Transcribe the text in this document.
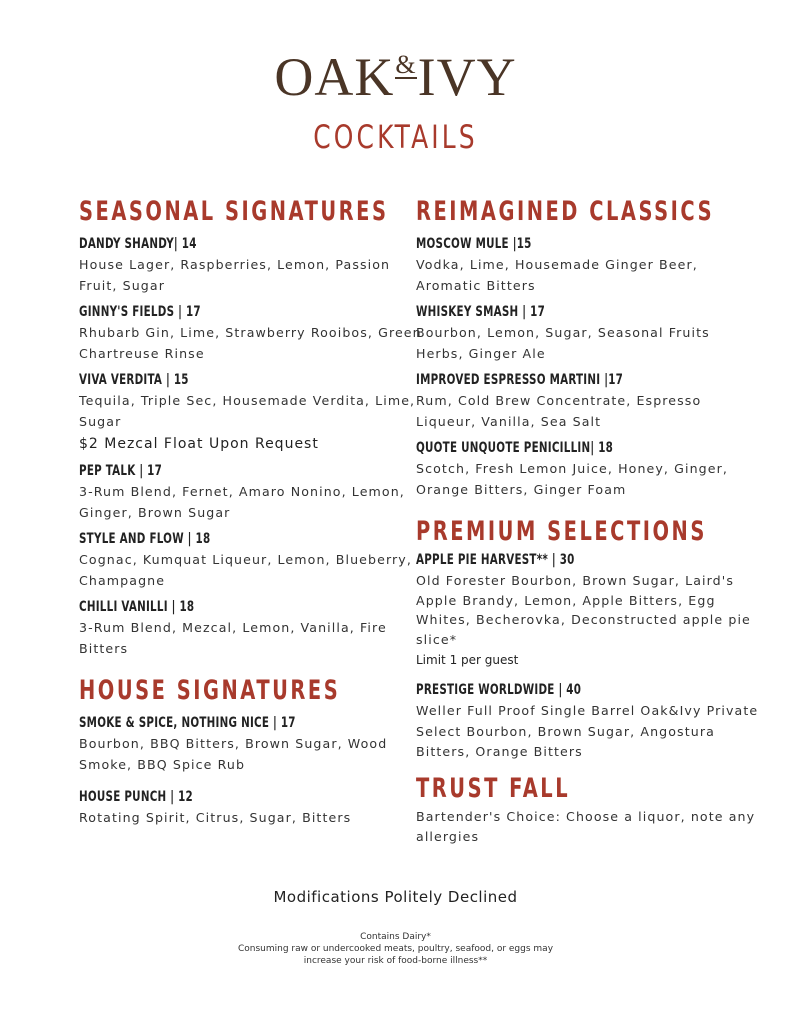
OAK&IVY
COCKTAILS
SEASONAL SIGNATURES
DANDY SHANDY| 14
House Lager, Raspberries, Lemon, Passion Fruit, Sugar
GINNY'S FIELDS | 17
Rhubarb Gin, Lime, Strawberry Rooibos, Green Chartreuse Rinse
VIVA VERDITA | 15
Tequila, Triple Sec, Housemade Verdita, Lime, Sugar
$2 Mezcal Float Upon Request
PEP TALK | 17
3-Rum Blend, Fernet, Amaro Nonino, Lemon, Ginger, Brown Sugar
STYLE AND FLOW | 18
Cognac, Kumquat Liqueur, Lemon, Blueberry, Champagne
CHILLI VANILLI | 18
3-Rum Blend, Mezcal, Lemon, Vanilla, Fire Bitters
HOUSE SIGNATURES
SMOKE & SPICE, NOTHING NICE | 17
Bourbon, BBQ Bitters, Brown Sugar, Wood Smoke, BBQ Spice Rub
HOUSE PUNCH | 12
Rotating Spirit, Citrus, Sugar, Bitters
REIMAGINED CLASSICS
MOSCOW MULE |15
Vodka, Lime, Housemade Ginger Beer, Aromatic Bitters
WHISKEY SMASH | 17
Bourbon, Lemon, Sugar, Seasonal Fruits Herbs, Ginger Ale
IMPROVED ESPRESSO MARTINI |17
Rum, Cold Brew Concentrate, Espresso Liqueur, Vanilla, Sea Salt
QUOTE UNQUOTE PENICILLIN| 18
Scotch, Fresh Lemon Juice, Honey, Ginger, Orange Bitters, Ginger Foam
PREMIUM SELECTIONS
APPLE PIE HARVEST** | 30
Old Forester Bourbon, Brown Sugar, Laird's Apple Brandy, Lemon, Apple Bitters, Egg Whites, Becherovka, Deconstructed apple pie slice*
Limit 1 per guest
PRESTIGE WORLDWIDE | 40
Weller Full Proof Single Barrel Oak&Ivy Private Select Bourbon, Brown Sugar, Angostura Bitters, Orange Bitters
TRUST FALL
Bartender's Choice: Choose a liquor, note any allergies
Modifications Politely Declined
Contains Dairy*
Consuming raw or undercooked meats, poultry, seafood, or eggs may
increase your risk of food-borne illness**
